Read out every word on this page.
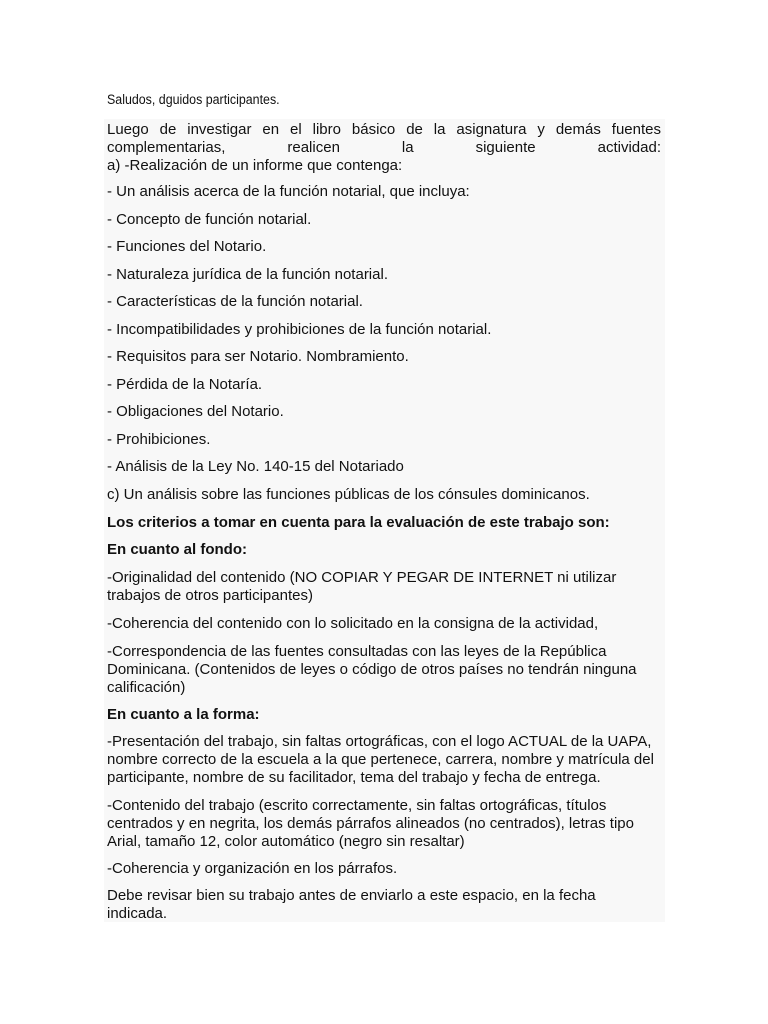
Saludos, dguidos participantes.
Luego de investigar en el libro básico de la asignatura y demás fuentes
complementarias, realicen la siguiente actividad:
a) -Realización de un informe que contenga:
- Un análisis acerca de la función notarial, que incluya:
- Concepto de función notarial.
- Funciones del Notario.
- Naturaleza jurídica de la función notarial.
- Características de la función notarial.
- Incompatibilidades y prohibiciones de la función notarial.
- Requisitos para ser Notario. Nombramiento.
- Pérdida de la Notaría.
- Obligaciones del Notario.
- Prohibiciones.
- Análisis de la Ley No. 140-15 del Notariado
c) Un análisis sobre las funciones públicas de los cónsules dominicanos.
Los criterios a tomar en cuenta para la evaluación de este trabajo son:
En cuanto al fondo:
-Originalidad del contenido (NO COPIAR Y PEGAR DE INTERNET ni utilizar
trabajos de otros participantes)
-Coherencia del contenido con lo solicitado en la consigna de la actividad,
-Correspondencia de las fuentes consultadas con las leyes de la República
Dominicana. (Contenidos de leyes o código de otros países no tendrán ninguna
calificación)
En cuanto a la forma:
-Presentación del trabajo, sin faltas ortográficas, con el logo ACTUAL de la UAPA,
nombre correcto de la escuela a la que pertenece, carrera, nombre y matrícula del
participante, nombre de su facilitador, tema del trabajo y fecha de entrega.
-Contenido del trabajo (escrito correctamente, sin faltas ortográficas, títulos
centrados y en negrita, los demás párrafos alineados (no centrados), letras tipo
Arial, tamaño 12, color automático (negro sin resaltar)
-Coherencia y organización en los párrafos.
Debe revisar bien su trabajo antes de enviarlo a este espacio, en la fecha
indicada.
